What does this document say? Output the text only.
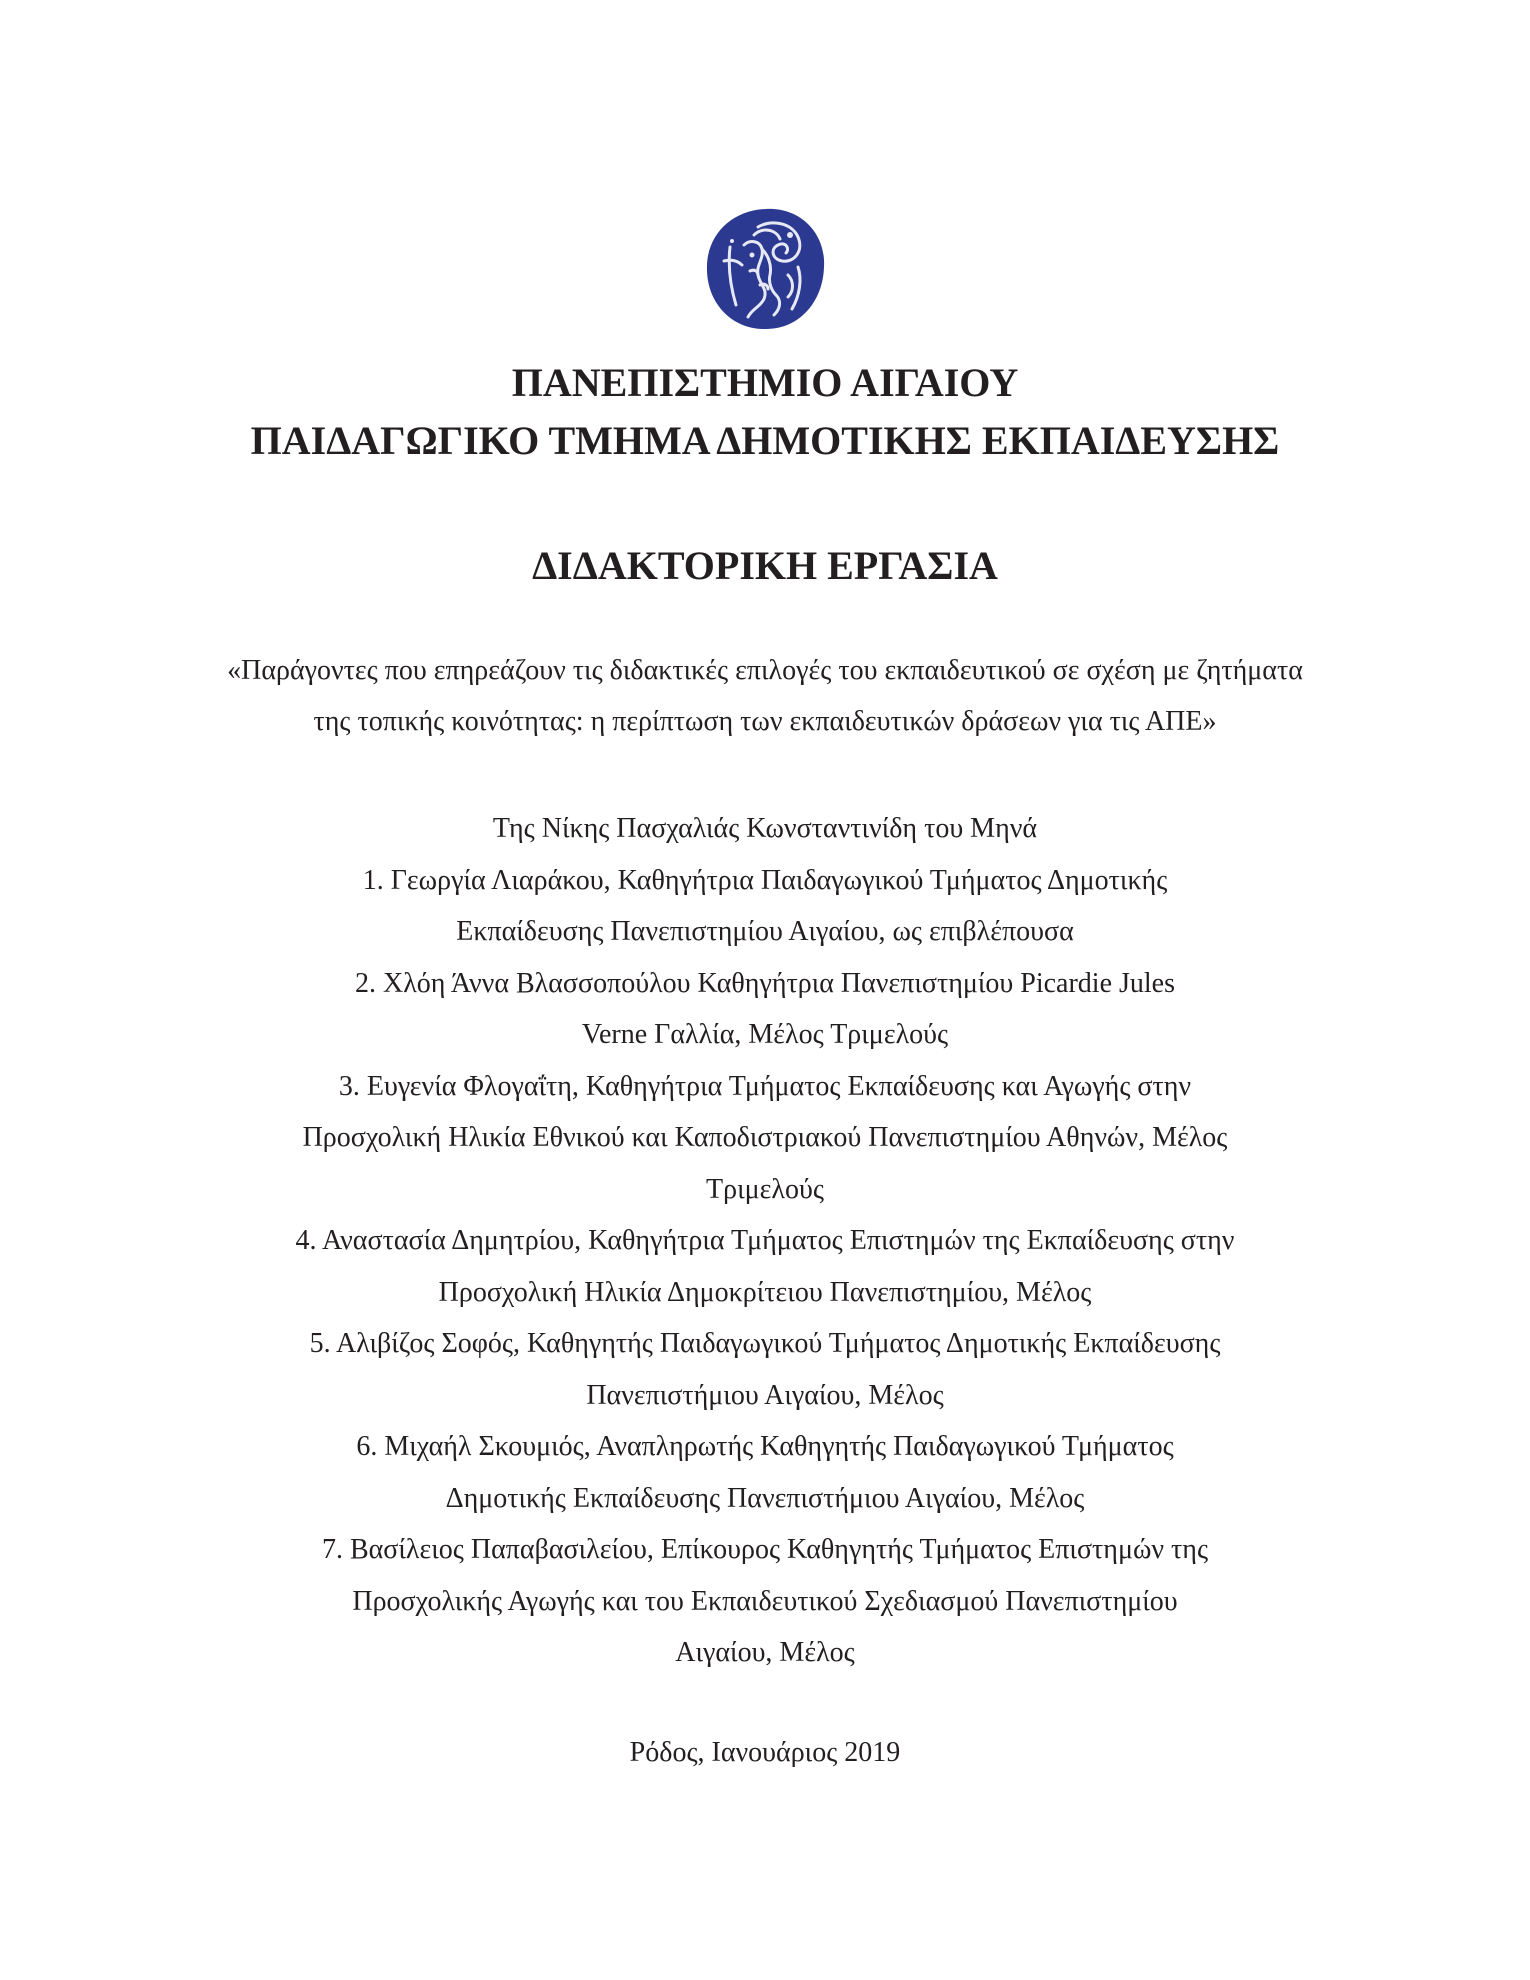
ΠΑΝΕΠΙΣΤΗΜΙΟ ΑΙΓΑΙΟΥ
ΠΑΙΔΑΓΩΓΙΚΟ ΤΜΗΜΑ ΔΗΜΟΤΙΚΗΣ ΕΚΠΑΙΔΕΥΣΗΣ
ΔΙΔΑΚΤΟΡΙΚΗ ΕΡΓΑΣΙΑ
«Παράγοντες που επηρεάζουν τις διδακτικές επιλογές του εκπαιδευτικού σε σχέση με ζητήματα
της τοπικής κοινότητας: η περίπτωση των εκπαιδευτικών δράσεων για τις ΑΠΕ»
Της Νίκης Πασχαλιάς Κωνσταντινίδη του Μηνά
1. Γεωργία Λιαράκου, Καθηγήτρια Παιδαγωγικού Τμήματος Δημοτικής
Εκπαίδευσης Πανεπιστημίου Αιγαίου, ως επιβλέπουσα
2. Χλόη Άννα Βλασσοπούλου Καθηγήτρια Πανεπιστημίου Picardie Jules
Verne Γαλλία, Μέλος Τριμελούς
3. Ευγενία Φλογαΐτη, Καθηγήτρια Τμήματος Εκπαίδευσης και Αγωγής στην
Προσχολική Ηλικία Εθνικού και Καποδιστριακού Πανεπιστημίου Αθηνών, Μέλος
Τριμελούς
4. Αναστασία Δημητρίου, Καθηγήτρια Τμήματος Επιστημών της Εκπαίδευσης στην
Προσχολική Ηλικία Δημοκρίτειου Πανεπιστημίου, Μέλος
5. Αλιβίζος Σοφός, Καθηγητής Παιδαγωγικού Τμήματος Δημοτικής Εκπαίδευσης
Πανεπιστήμιου Αιγαίου, Μέλος
6. Μιχαήλ Σκουμιός, Αναπληρωτής Καθηγητής Παιδαγωγικού Τμήματος
Δημοτικής Εκπαίδευσης Πανεπιστήμιου Αιγαίου, Μέλος
7. Βασίλειος Παπαβασιλείου, Επίκουρος Καθηγητής Τμήματος Επιστημών της
Προσχολικής Αγωγής και του Εκπαιδευτικού Σχεδιασμού Πανεπιστημίου
Αιγαίου, Μέλος
Ρόδος, Ιανουάριος 2019
